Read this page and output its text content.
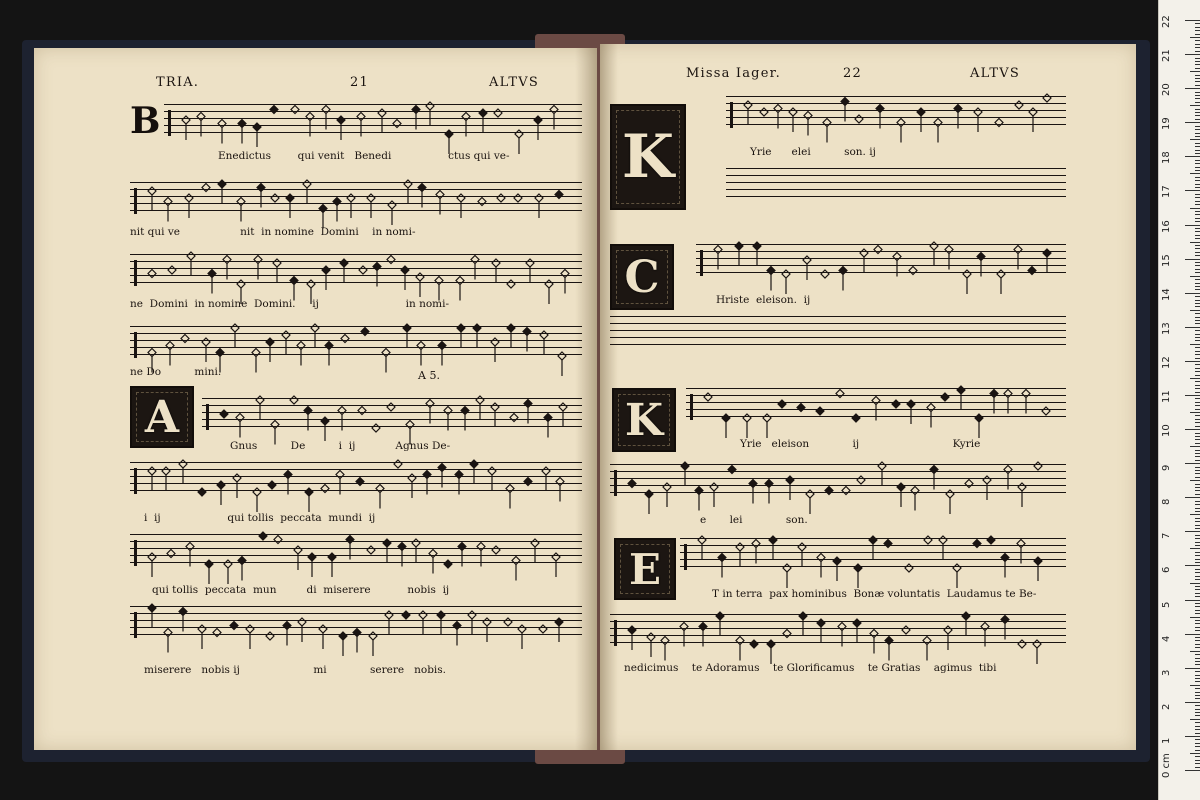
TRIA.	21	ALTVS
B
Enedictus        qui venit   Benedi                 ctus qui ve-
nit qui ve                  nit  in nomine  Domini    in nomi-
ne  Domini  in nomine  Domini.     ij                          in nomi-
ne Do          mini.	A 5.
A
Gnus          De          i  ij            Agnus De-
i  ij                    qui tollis  peccata  mundi  ij
qui tollis  peccata  mun         di  miserere           nobis  ij
miserere   nobis ij                      mi             serere   nobis.
Missa Iager.	22	ALTVS
K	Yrie      elei          son. ij
C	Hriste  eleison.  ij
K	Yrie   eleison             ij                            Kyrie
e       lei             son.
E
T in terra  pax hominibus  Bonæ voluntatis  Laudamus te Be-
nedicimus    te Adoramus    te Glorificamus    te Gratias    agimus  tibi
0 cm
1
2
3
4
5
6
7
8
9
10
11
12
13
14
15
16
17
18
19
20
21
22
